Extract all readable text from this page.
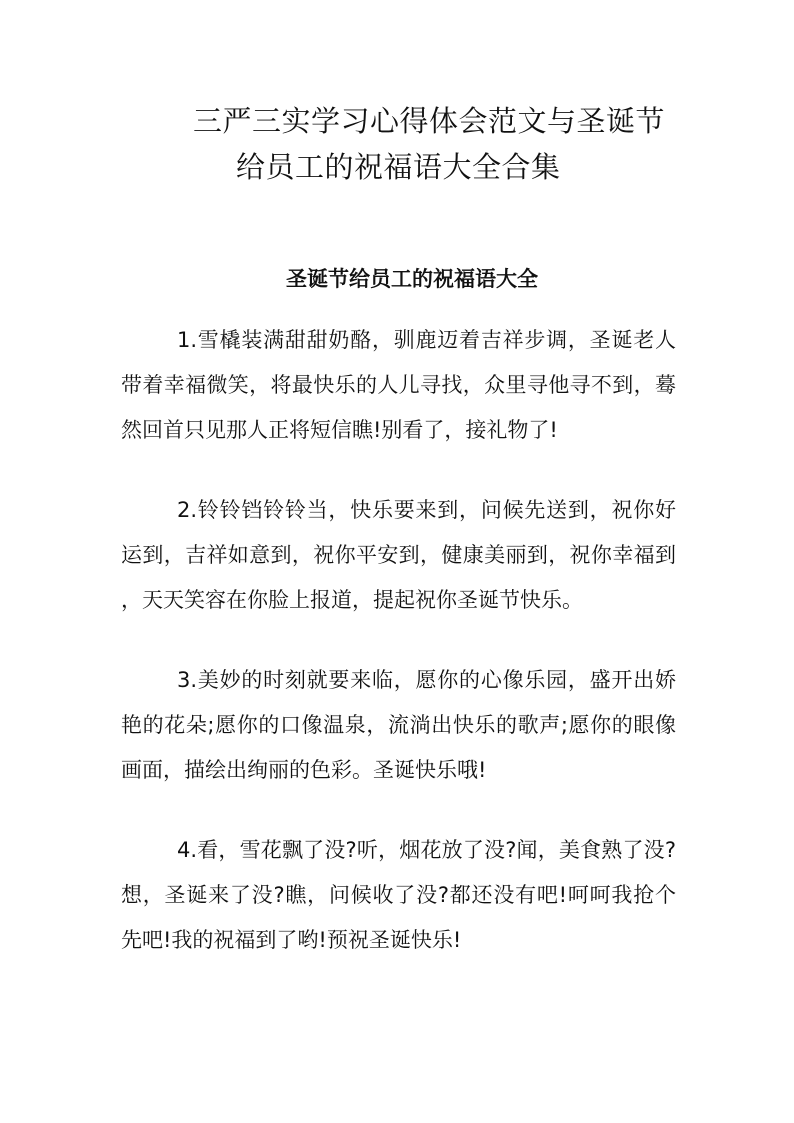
三严三实学习心得体会范文与圣诞节
给员工的祝福语大全合集
圣诞节给员工的祝福语大全

1.雪橇装满甜甜奶酪，驯鹿迈着吉祥步调，圣诞老人带着幸福微笑，将最快乐的人儿寻找，众里寻他寻不到，蓦然回首只见那人正将短信瞧!别看了，接礼物了!

2.铃铃铛铃铃当，快乐要来到，问候先送到，祝你好运到，吉祥如意到，祝你平安到，健康美丽到，祝你幸福到，天天笑容在你脸上报道，提起祝你圣诞节快乐。

3.美妙的时刻就要来临，愿你的心像乐园，盛开出娇艳的花朵;愿你的口像温泉，流淌出快乐的歌声;愿你的眼像画面，描绘出绚丽的色彩。圣诞快乐哦!

4.看，雪花飘了没?听，烟花放了没?闻，美食熟了没?想，圣诞来了没?瞧，问候收了没?都还没有吧!呵呵我抢个先吧!我的祝福到了哟!预祝圣诞快乐!
